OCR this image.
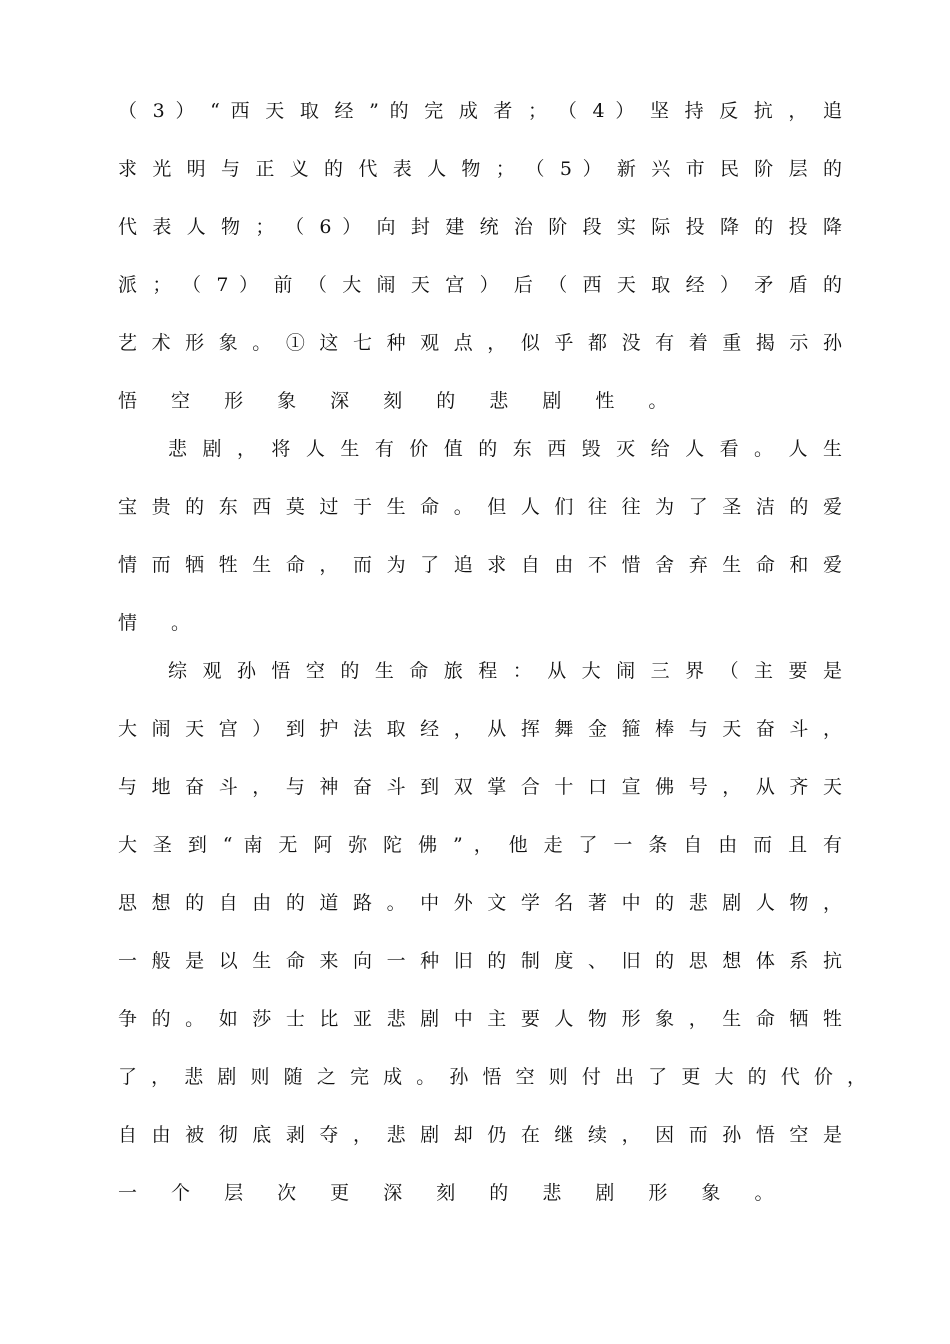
（ 3 ） “ 西 天 取 经 ” 的 完 成 者 ； （ 4 ） 坚 持 反 抗 ， 追
求 光 明 与 正 义 的 代 表 人 物 ； （ 5 ） 新 兴 市 民 阶 层 的
代 表 人 物 ； （ 6 ） 向 封 建 统 治 阶 段 实 际 投 降 的 投 降
派 ； （ 7 ） 前 （ 大 闹 天 宫 ） 后 （ 西 天 取 经 ） 矛 盾 的
艺 术 形 象 。 ① 这 七 种 观 点 ， 似 乎 都 没 有 着 重 揭 示 孙
悟 空 形 象 深 刻 的 悲 剧 性 。
悲 剧 ， 将 人 生 有 价 值 的 东 西 毁 灭 给 人 看 。 人 生
宝 贵 的 东 西 莫 过 于 生 命 。 但 人 们 往 往 为 了 圣 洁 的 爱
情 而 牺 牲 生 命 ， 而 为 了 追 求 自 由 不 惜 舍 弃 生 命 和 爱
情 。
综 观 孙 悟 空 的 生 命 旅 程 ： 从 大 闹 三 界 （ 主 要 是
大 闹 天 宫 ） 到 护 法 取 经 ， 从 挥 舞 金 箍 棒 与 天 奋 斗 ，
与 地 奋 斗 ， 与 神 奋 斗 到 双 掌 合 十 口 宣 佛 号 ， 从 齐 天
大 圣 到 “ 南 无 阿 弥 陀 佛 ” ， 他 走 了 一 条 自 由 而 且 有
思 想 的 自 由 的 道 路 。 中 外 文 学 名 著 中 的 悲 剧 人 物 ，
一 般 是 以 生 命 来 向 一 种 旧 的 制 度 、 旧 的 思 想 体 系 抗
争 的 。 如 莎 士 比 亚 悲 剧 中 主 要 人 物 形 象 ， 生 命 牺 牲
了 ， 悲 剧 则 随 之 完 成 。 孙 悟 空 则 付 出 了 更 大 的 代 价 ，
自 由 被 彻 底 剥 夺 ， 悲 剧 却 仍 在 继 续 ， 因 而 孙 悟 空 是
一 个 层 次 更 深 刻 的 悲 剧 形 象 。
